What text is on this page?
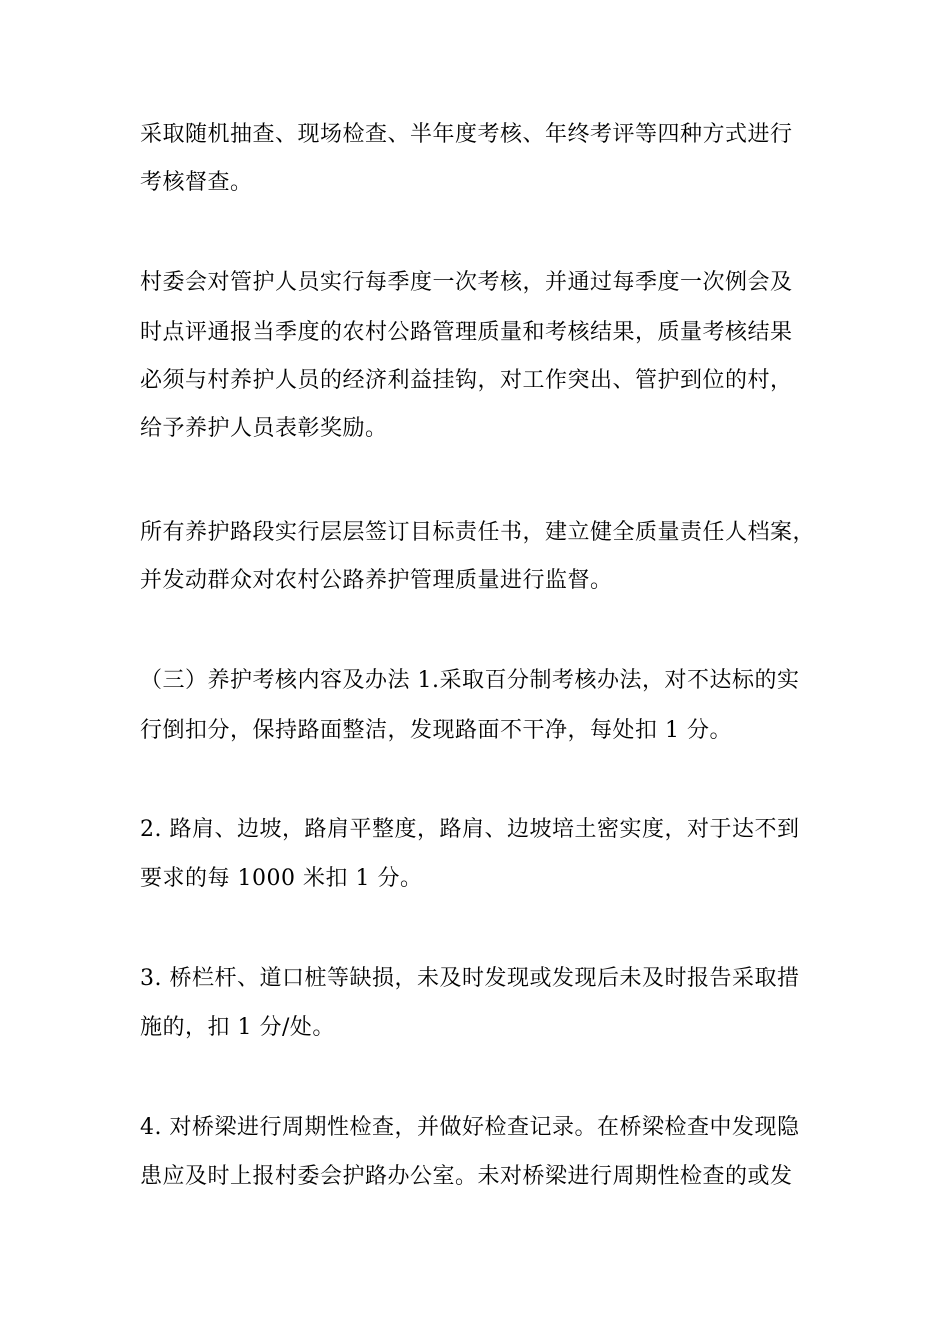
采取随机抽查、现场检查、半年度考核、年终考评等四种方式进行
考核督查。
村委会对管护人员实行每季度一次考核，并通过每季度一次例会及
时点评通报当季度的农村公路管理质量和考核结果，质量考核结果
必须与村养护人员的经济利益挂钩，对工作突出、管护到位的村，
给予养护人员表彰奖励。
所有养护路段实行层层签订目标责任书，建立健全质量责任人档案，
并发动群众对农村公路养护管理质量进行监督。
（三）养护考核内容及办法 1.采取百分制考核办法，对不达标的实
行倒扣分，保持路面整洁，发现路面不干净，每处扣 1 分。
2. 路肩、边坡，路肩平整度，路肩、边坡培土密实度，对于达不到
要求的每 1000 米扣 1 分。
3. 桥栏杆、道口桩等缺损，未及时发现或发现后未及时报告采取措
施的，扣 1 分/处。
4. 对桥梁进行周期性检查，并做好检查记录。在桥梁检查中发现隐
患应及时上报村委会护路办公室。未对桥梁进行周期性检查的或发
